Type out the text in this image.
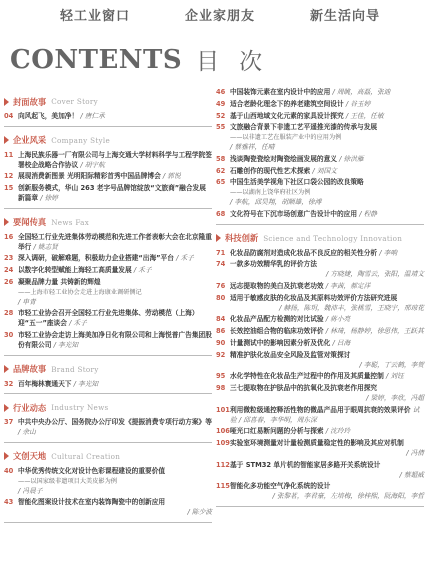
轻工业窗口	企业家朋友	新生活向导
CONTENTS 目次
封面故事 Cover Story
04 向风起飞，美加净！ / 唐仁承
企业风采 Company Style
11 上海民族乐器一厂有限公司与上海交通大学材料科学与工程学院签署校企战略合作协议 / 胡宇航
12 展现消费新图景 光明阳际精彩首秀中国品牌博会 / 郭悦
15 创新服务模式，华山 263 老字号品牌馆绽放“文旅商”融合发展新篇章 / 徐婷
要闻传真 News Fax
16 全国轻工行业先进集体劳动模范和先进工作者表彰大会在北京隆重举行 / 姚志贤
23 深入调研，破解难题，积极助力企业搭建“出海”平台 / 禾子
24 以数字化转型赋能上海轻工高质量发展 / 禾子
26 凝聚品牌力量 共铸新的辉煌
——上海市轻工业协会走进上海康业调研侧记
/ 申青
28 市轻工业协会召开全国轻工行业先进集体、劳动模范（上海）迎“五一”座谈会 / 禾子
30 市轻工业协会走访上海美加净日化有限公司和上海悦普广告集团股份有限公司 / 李光知
品牌故事 Brand Story
32 百年梅林寰通天下 / 李光知
行业动态 Industry News
37 中共中央办公厅、国务院办公厅印发《提振消费专项行动方案》等 / 余山
文创天地 Cultural Creation
40 中华优秀传统文化对设计色彩课程建设的重要价值
——以国家级非遗项目大美皮影为例
/ 冯晨子
43 智能化图案设计技术在室内装饰陶瓷中的创新应用
/ 陈少波
46 中国装饰元素在室内设计中的应用 / 周眺，高磊，张迪
49 适合老龄化理念下的养老建筑空间设计 / 谷玉婷
52 基于山西地域文化元素的家具设计探究 / 王佳，任敏
55 文旅融合背景下非遗工艺平遥推光漆的传承与发展
——以非遗工艺在服装产业中的应用为例
/ 蔡雅祥，任晴
58 浅谈陶瓷瓷绘对陶瓷绘画发展的意义 / 徐洪雁
62 石雕创作的现代性艺术探索 / 刘国文
65 中国生活美学视角下社区口袋公园的改良策略
——以湖南上饶华府社区为例
/ 李航，邱昊翔，胡顺雄，徐溥
68 文化符号在下沉市场创意广告设计中的应用 / 程静
科技创新 Science and Technology Innovation
71 化妆品防腐剂对造成化妆品不良反应的相关性分析 / 李响
74 一款多功效精华乳的评价方法
/ 方晓婕，陶雪云，张阳，温靖文
76 远志提取物的美白及抗衰老功效 / 李茜，郝定洋
80 适用于敏感皮肤的化妆品及其原料功效评价方法研究进展
/ 赫扬，陈玥，魏沛丰，张桃雪，王晓宇，邢琼花
84 化妆品产品配方检测的对比试验 / 蒋小亮
86 长效控油组合物的临床功效评价 / 林琦，杨静婷，徐思伟，王跃其
90 计量测试中的影响因素分析及优化 / 吕海
92 精准护肤化妆品安全风险及监管对策探讨
/ 李聪，丁云鹤，李贺
95 水化学特性在化妆品生产过程中的作用及其质量控制 / 刘钰
98 三七提取物在护肤品中的抗氧化及抗衰老作用探究
/ 梁婷，李欣，冯超
101 利用微粒级通控释活性物的微晶产品用于眼周抗衰的效果评价 试验 / 邱喜春，李华明，周东深
106 哑光口红易断问题的分析与探索 / 沈玲玲
109 实验室环境测量对计量检测质量稳定性的影响及其应对机制
/ 冯倩
112 基于 STM32 单片机的智能家居多路开关系统设计
/ 蔡超威
115 智能化多功能空气净化系统的设计
/ 张黎茗，李君豪，左培梅，徐梓熙，阮海阳，李哲
